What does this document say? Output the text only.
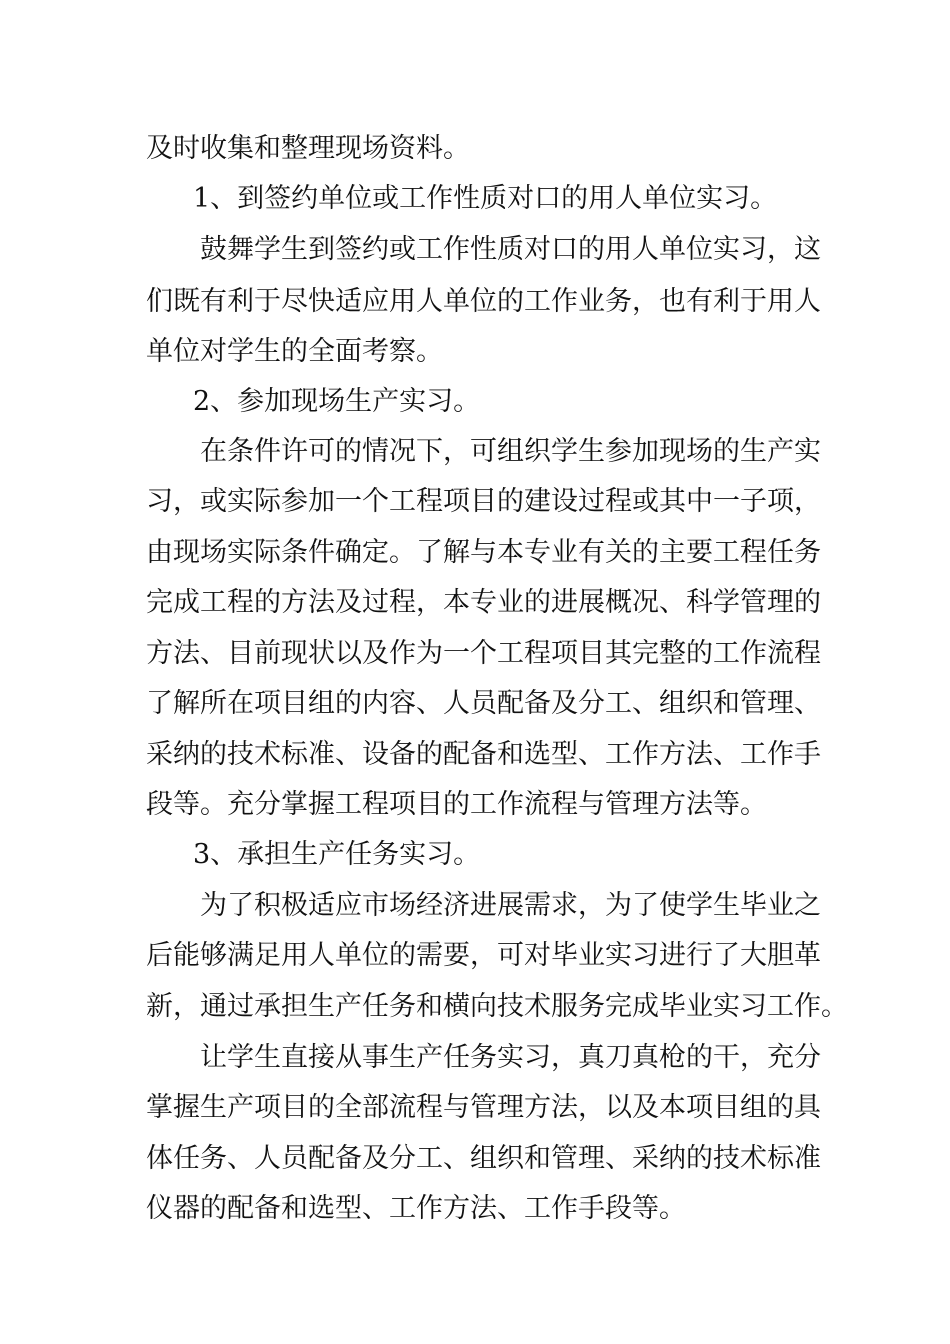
及时收集和整理现场资料。

1、到签约单位或工作性质对口的用人单位实习。

鼓舞学生到签约或工作性质对口的用人单位实习，这

们既有利于尽快适应用人单位的工作业务，也有利于用人

单位对学生的全面考察。

2、参加现场生产实习。

在条件许可的情况下，可组织学生参加现场的生产实

习，或实际参加一个工程项目的建设过程或其中一子项，

由现场实际条件确定。了解与本专业有关的主要工程任务

完成工程的方法及过程，本专业的进展概况、科学管理的

方法、目前现状以及作为一个工程项目其完整的工作流程

了解所在项目组的内容、人员配备及分工、组织和管理、

采纳的技术标准、设备的配备和选型、工作方法、工作手

段等。充分掌握工程项目的工作流程与管理方法等。

3、承担生产任务实习。

为了积极适应市场经济进展需求，为了使学生毕业之

后能够满足用人单位的需要，可对毕业实习进行了大胆革

新，通过承担生产任务和横向技术服务完成毕业实习工作。

让学生直接从事生产任务实习，真刀真枪的干，充分

掌握生产项目的全部流程与管理方法，以及本项目组的具

体任务、人员配备及分工、组织和管理、采纳的技术标准

仪器的配备和选型、工作方法、工作手段等。
